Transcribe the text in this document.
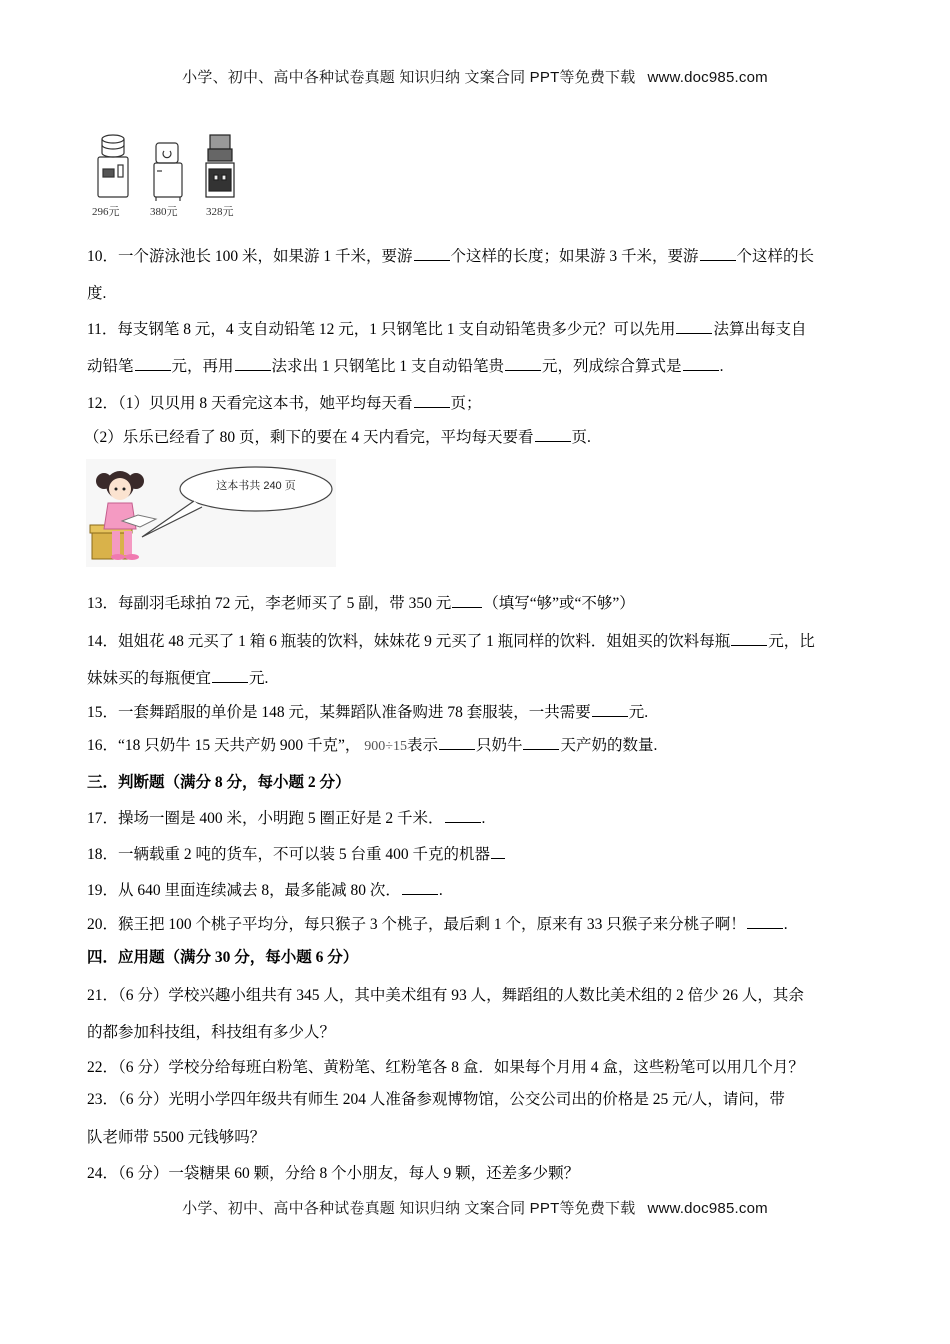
小学、初中、高中各种试卷真题 知识归纳 文案合同 PPT等免费下载 www.doc985.com
296元	380元	328元
10．一个游泳池长 100 米，如果游 1 千米，要游 个这样的长度；如果游 3 千米，要游 个这样的长
度.
11．每支钢笔 8 元，4 支自动铅笔 12 元，1 只钢笔比 1 支自动铅笔贵多少元？可以先用 法算出每支自
动铅笔 元，再用 法求出 1 只钢笔比 1 支自动铅笔贵 元，列成综合算式是 .
12．（1）贝贝用 8 天看完这本书，她平均每天看 页；
（2）乐乐已经看了 80 页，剩下的要在 4 天内看完，平均每天要看 页.
这本书共 240 页
13．每副羽毛球拍 72 元，李老师买了 5 副，带 350 元 （填写“够”或“不够”）
14．姐姐花 48 元买了 1 箱 6 瓶装的饮料，妹妹花 9 元买了 1 瓶同样的饮料．姐姐买的饮料每瓶 元，比
妹妹买的每瓶便宜 元.
15．一套舞蹈服的单价是 148 元，某舞蹈队准备购进 78 套服装，一共需要 元.
16．“18 只奶牛 15 天共产奶 900 千克”， 900÷15表示 只奶牛 天产奶的数量.
三．判断题（满分 8 分，每小题 2 分）
17．操场一圈是 400 米，小明跑 5 圈正好是 2 千米． .
18．一辆载重 2 吨的货车，不可以装 5 台重 400 千克的机器
19．从 640 里面连续减去 8，最多能减 80 次． .
20．猴王把 100 个桃子平均分，每只猴子 3 个桃子，最后剩 1 个，原来有 33 只猴子来分桃子啊！ .
四．应用题（满分 30 分，每小题 6 分）
21．（6 分）学校兴趣小组共有 345 人，其中美术组有 93 人，舞蹈组的人数比美术组的 2 倍少 26 人，其余
的都参加科技组，科技组有多少人？
22．（6 分）学校分给每班白粉笔、黄粉笔、红粉笔各 8 盒．如果每个月用 4 盒，这些粉笔可以用几个月？
23．（6 分）光明小学四年级共有师生 204 人准备参观博物馆，公交公司出的价格是 25 元/人，请问，带
队老师带 5500 元钱够吗？
24．（6 分）一袋糖果 60 颗，分给 8 个小朋友，每人 9 颗，还差多少颗？
小学、初中、高中各种试卷真题 知识归纳 文案合同 PPT等免费下载 www.doc985.com
